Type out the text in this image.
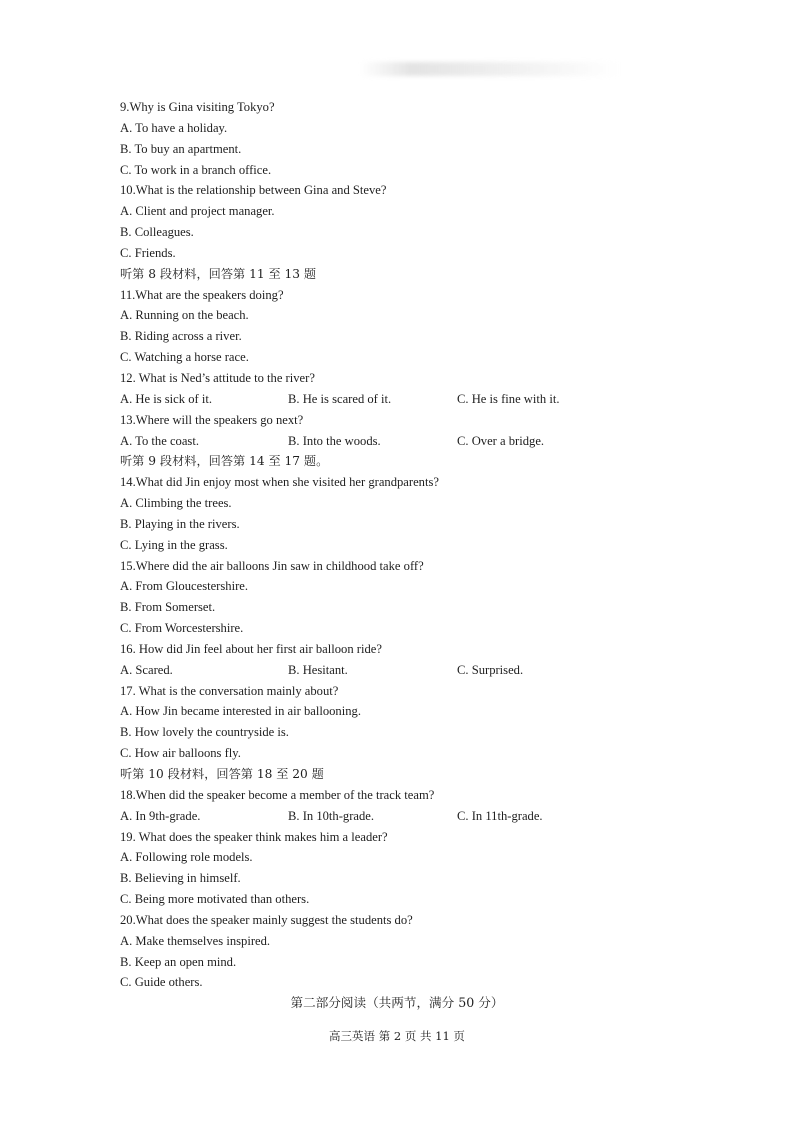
9.Why is Gina visiting Tokyo?
A. To have a holiday.
B. To buy an apartment.
C. To work in a branch office.
10.What is the relationship between Gina and Steve?
A. Client and project manager.
B. Colleagues.
C. Friends.
听第 8 段材料，回答第 11 至 13 题
11.What are the speakers doing?
A. Running on the beach.
B. Riding across a river.
C. Watching a horse race.
12. What is Ned’s attitude to the river?
A. He is sick of it.	B. He is scared of it.	C. He is fine with it.
13.Where will the speakers go next?
A. To the coast.	B. Into the woods.	C. Over a bridge.
听第 9 段材料，回答第 14 至 17 题。
14.What did Jin enjoy most when she visited her grandparents?
A. Climbing the trees.
B. Playing in the rivers.
C. Lying in the grass.
15.Where did the air balloons Jin saw in childhood take off?
A. From Gloucestershire.
B. From Somerset.
C. From Worcestershire.
16. How did Jin feel about her first air balloon ride?
A. Scared.	B. Hesitant.	C. Surprised.
17. What is the conversation mainly about?
A. How Jin became interested in air ballooning.
B. How lovely the countryside is.
C. How air balloons fly.
听第 10 段材料，回答第 18 至 20 题
18.When did the speaker become a member of the track team?
A. In 9th-grade.	B. In 10th-grade.	C. In 11th-grade.
19. What does the speaker think makes him a leader?
A. Following role models.
B. Believing in himself.
C. Being more motivated than others.
20.What does the speaker mainly suggest the students do?
A. Make themselves inspired.
B. Keep an open mind.
C. Guide others.
第二部分阅读（共两节，满分 50 分）
高三英语 第 2 页 共 11 页
